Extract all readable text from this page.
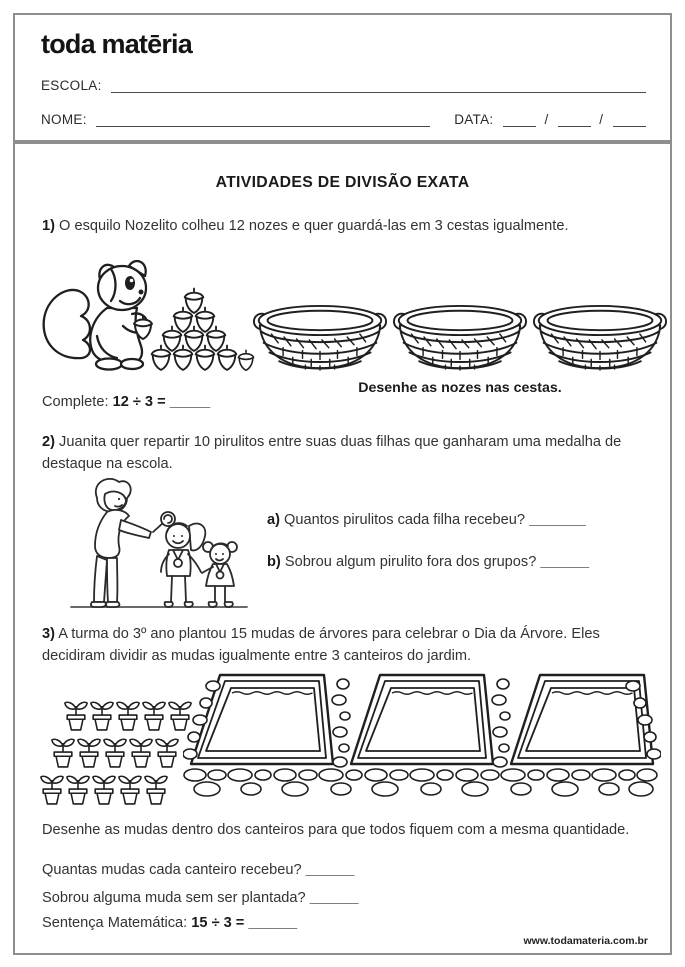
toda matēria
ESCOLA:
NOME:	DATA:	/	/
ATIVIDADES DE DIVISÃO EXATA
1) O esquilo Nozelito colheu 12 nozes e quer guardá-las em 3 cestas igualmente.
Desenhe as nozes nas cestas.
Complete: 12 ÷ 3 = _____
2) Juanita quer repartir 10 pirulitos entre suas duas filhas que ganharam uma medalha de destaque na escola.
a) Quantos pirulitos cada filha recebeu? _______
b) Sobrou algum pirulito fora dos grupos? ______
3) A turma do 3º ano plantou 15 mudas de árvores para celebrar o Dia da Árvore. Eles decidiram dividir as mudas igualmente entre 3 canteiros do jardim.
Desenhe as mudas dentro dos canteiros para que todos fiquem com a mesma quantidade.
Quantas mudas cada canteiro recebeu? ______
Sobrou alguma muda sem ser plantada? ______
Sentença Matemática: 15 ÷ 3 = ______
www.todamateria.com.br
